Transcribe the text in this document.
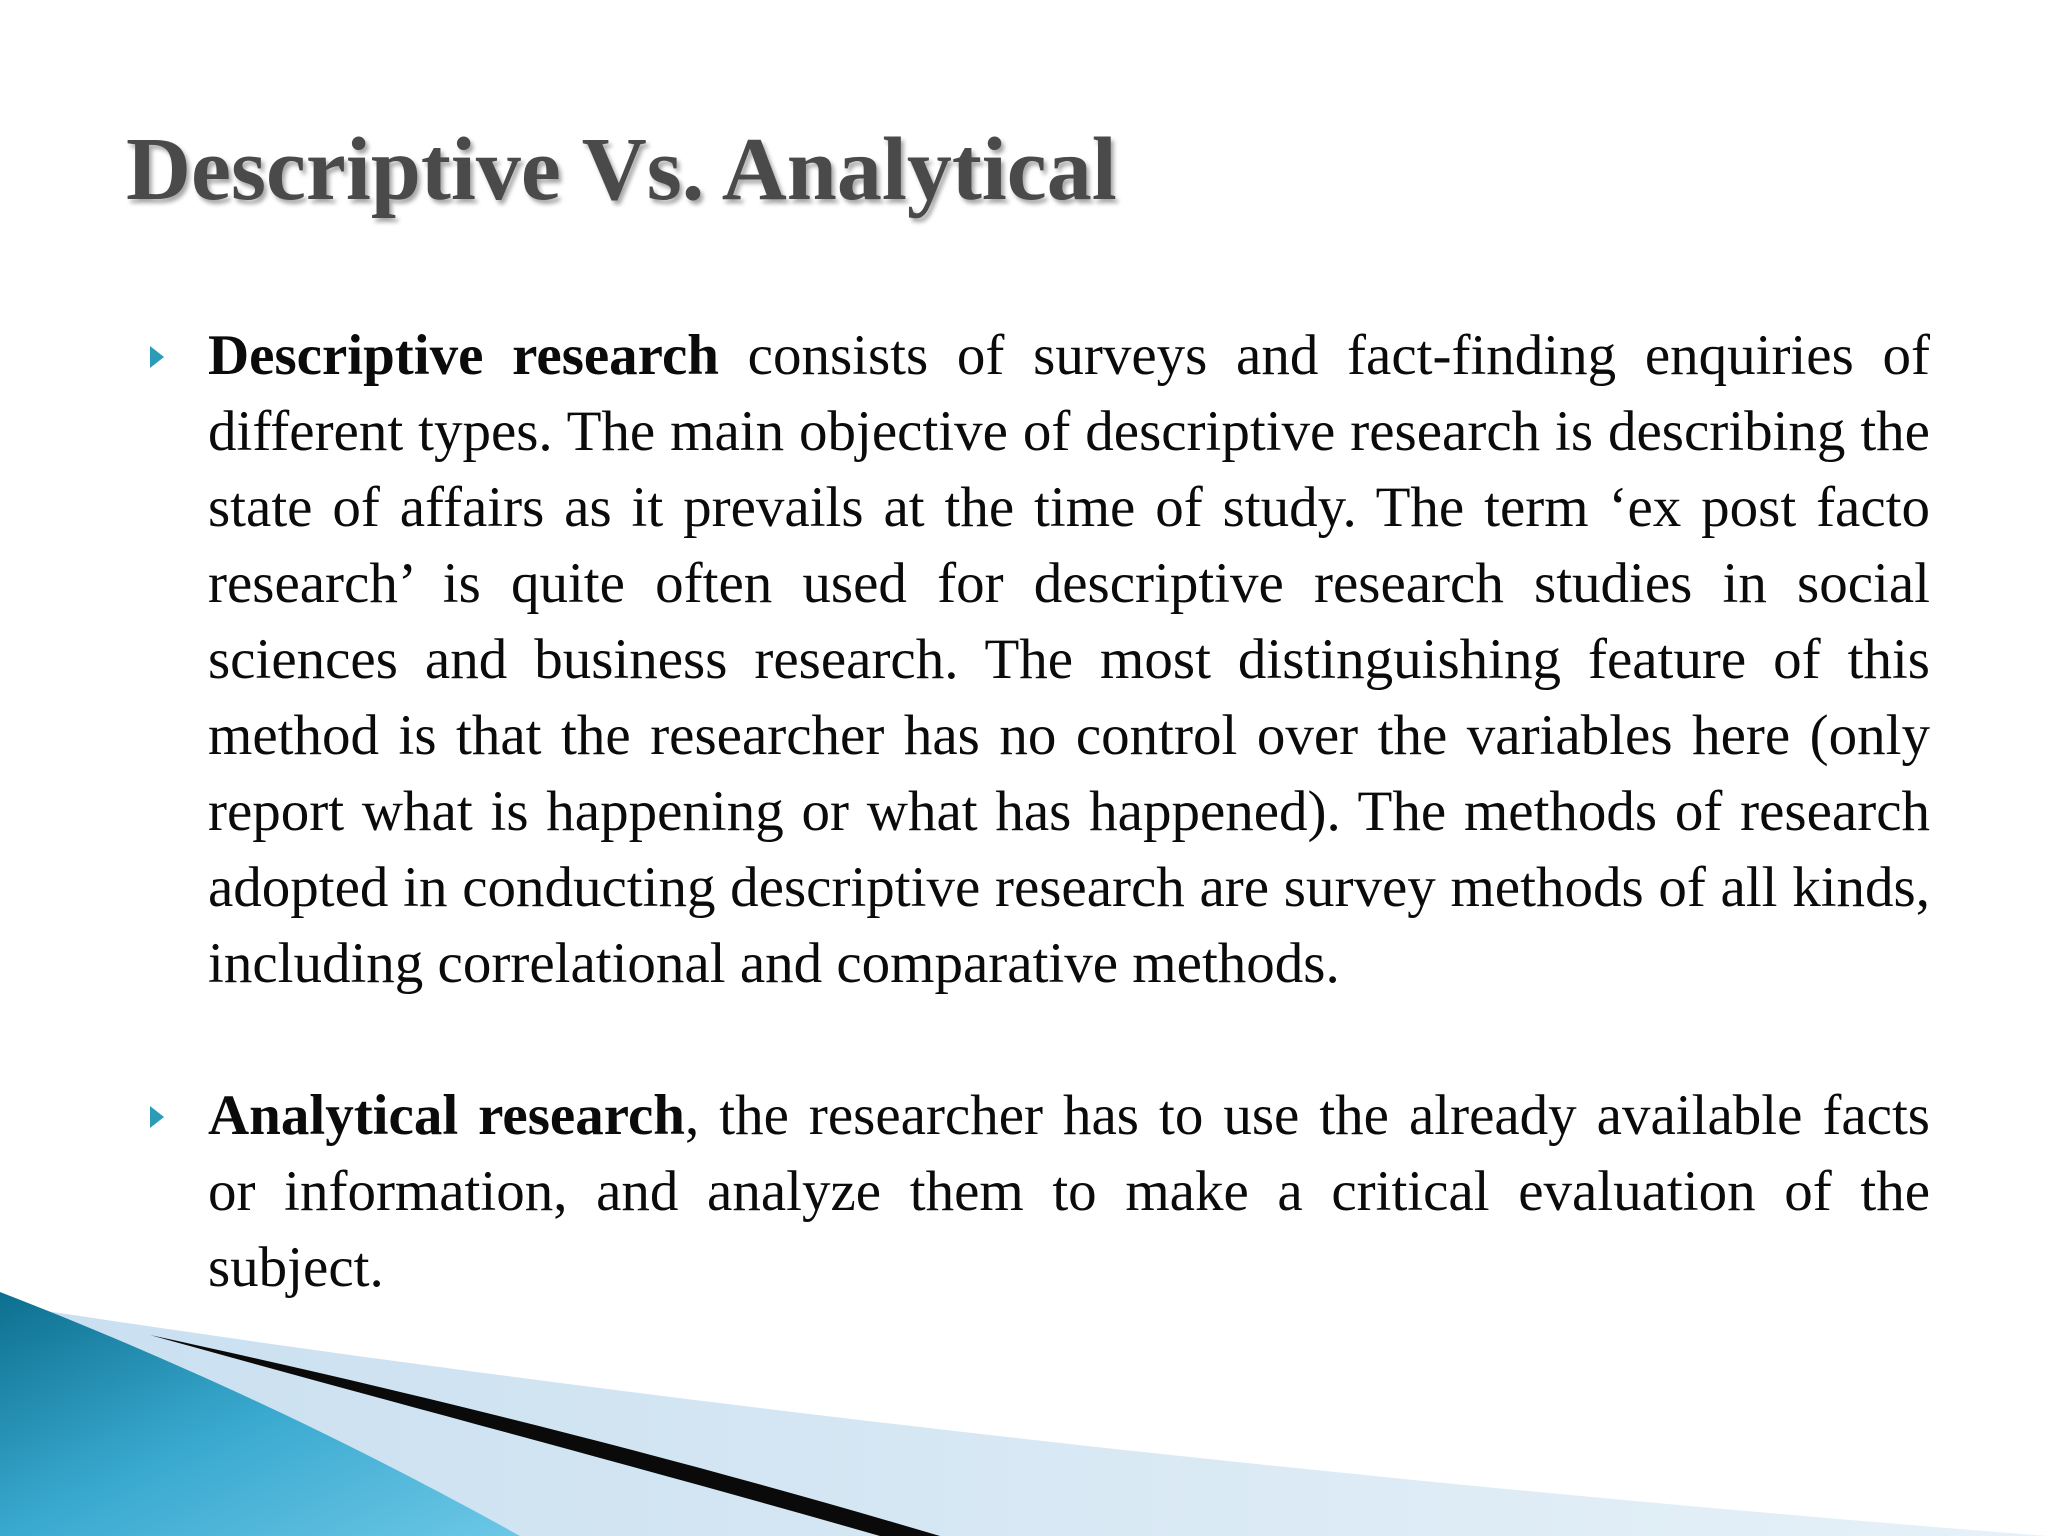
Descriptive Vs. Analytical
Descriptive research consists of surveys and fact-finding enquiries of different types. The main objective of descriptive research is describing the state of affairs as it prevails at the time of study. The term ‘ex post facto research’ is quite often used for descriptive research studies in social sciences and business research. The most distinguishing feature of this method is that the researcher has no control over the variables here (only report what is happening or what has happened). The methods of research adopted in conducting descriptive research are survey methods of all kinds, including correlational and comparative methods.
Analytical research, the researcher has to use the already available facts or information, and analyze them to make a critical evaluation of the subject.
